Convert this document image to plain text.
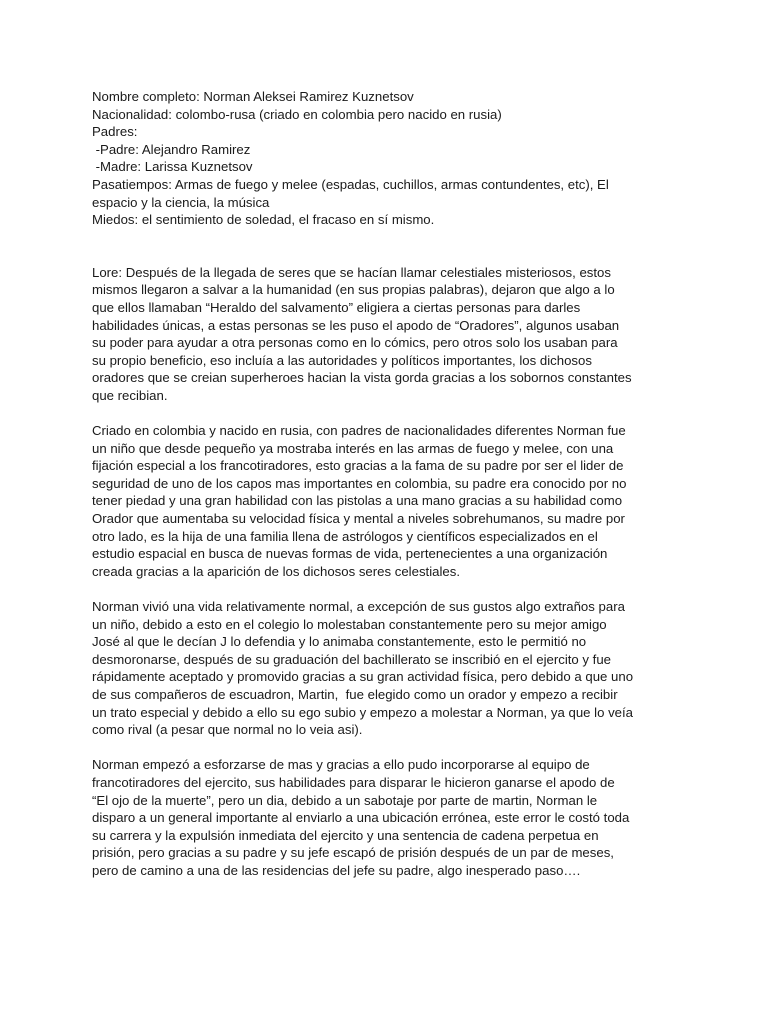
Nombre completo: Norman Aleksei Ramirez Kuznetsov
Nacionalidad: colombo-rusa (criado en colombia pero nacido en rusia)
Padres:
-Padre: Alejandro Ramirez
-Madre: Larissa Kuznetsov
Pasatiempos: Armas de fuego y melee (espadas, cuchillos, armas contundentes, etc), El
espacio y la ciencia, la música
Miedos: el sentimiento de soledad, el fracaso en sí mismo.
Lore: Después de la llegada de seres que se hacían llamar celestiales misteriosos, estos
mismos llegaron a salvar a la humanidad (en sus propias palabras), dejaron que algo a lo
que ellos llamaban “Heraldo del salvamento” eligiera a ciertas personas para darles
habilidades únicas, a estas personas se les puso el apodo de “Oradores”, algunos usaban
su poder para ayudar a otra personas como en lo cómics, pero otros solo los usaban para
su propio beneficio, eso incluía a las autoridades y políticos importantes, los dichosos
oradores que se creian superheroes hacian la vista gorda gracias a los sobornos constantes
que recibian.
Criado en colombia y nacido en rusia, con padres de nacionalidades diferentes Norman fue
un niño que desde pequeño ya mostraba interés en las armas de fuego y melee, con una
fijación especial a los francotiradores, esto gracias a la fama de su padre por ser el lider de
seguridad de uno de los capos mas importantes en colombia, su padre era conocido por no
tener piedad y una gran habilidad con las pistolas a una mano gracias a su habilidad como
Orador que aumentaba su velocidad física y mental a niveles sobrehumanos, su madre por
otro lado, es la hija de una familia llena de astrólogos y científicos especializados en el
estudio espacial en busca de nuevas formas de vida, pertenecientes a una organización
creada gracias a la aparición de los dichosos seres celestiales.
Norman vivió una vida relativamente normal, a excepción de sus gustos algo extraños para
un niño, debido a esto en el colegio lo molestaban constantemente pero su mejor amigo
José al que le decían J lo defendia y lo animaba constantemente, esto le permitió no
desmoronarse, después de su graduación del bachillerato se inscribió en el ejercito y fue
rápidamente aceptado y promovido gracias a su gran actividad física, pero debido a que uno
de sus compañeros de escuadron, Martin,  fue elegido como un orador y empezo a recibir
un trato especial y debido a ello su ego subio y empezo a molestar a Norman, ya que lo veía
como rival (a pesar que normal no lo veia asi).
Norman empezó a esforzarse de mas y gracias a ello pudo incorporarse al equipo de
francotiradores del ejercito, sus habilidades para disparar le hicieron ganarse el apodo de
“El ojo de la muerte”, pero un dia, debido a un sabotaje por parte de martin, Norman le
disparo a un general importante al enviarlo a una ubicación errónea, este error le costó toda
su carrera y la expulsión inmediata del ejercito y una sentencia de cadena perpetua en
prisión, pero gracias a su padre y su jefe escapó de prisión después de un par de meses,
pero de camino a una de las residencias del jefe su padre, algo inesperado paso….
